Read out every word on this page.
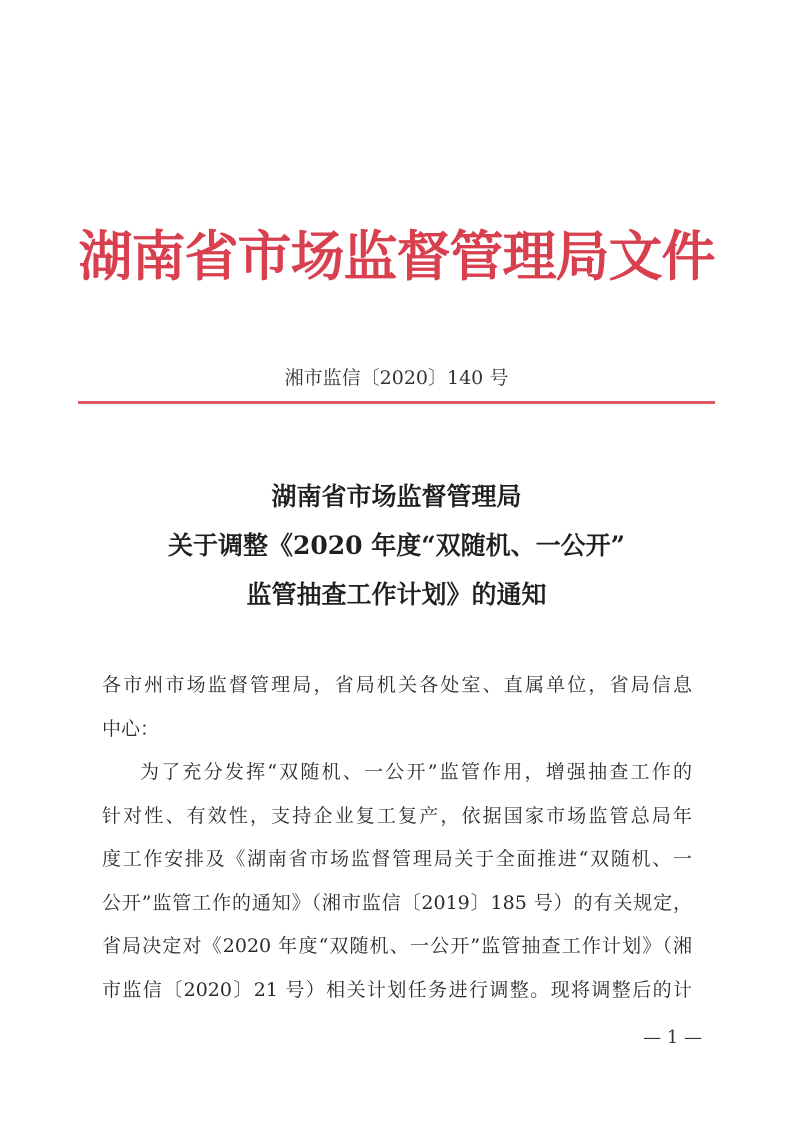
湖南省市场监督管理局文件
湘市监信〔2020〕140 号
湖南省市场监督管理局
关于调整《2020 年度“双随机、一公开”
监管抽查工作计划》的通知
各市州市场监督管理局，省局机关各处室、直属单位，省局信息
中心：
为了充分发挥“双随机、一公开”监管作用，增强抽查工作的
针对性、有效性，支持企业复工复产，依据国家市场监管总局年
度工作安排及《湖南省市场监督管理局关于全面推进“双随机、一
公开”监管工作的通知》（湘市监信〔2019〕185 号）的有关规定，
省局决定对《2020 年度“双随机、一公开”监管抽查工作计划》（湘
市监信〔2020〕21 号）相关计划任务进行调整。现将调整后的计
— 1 —
